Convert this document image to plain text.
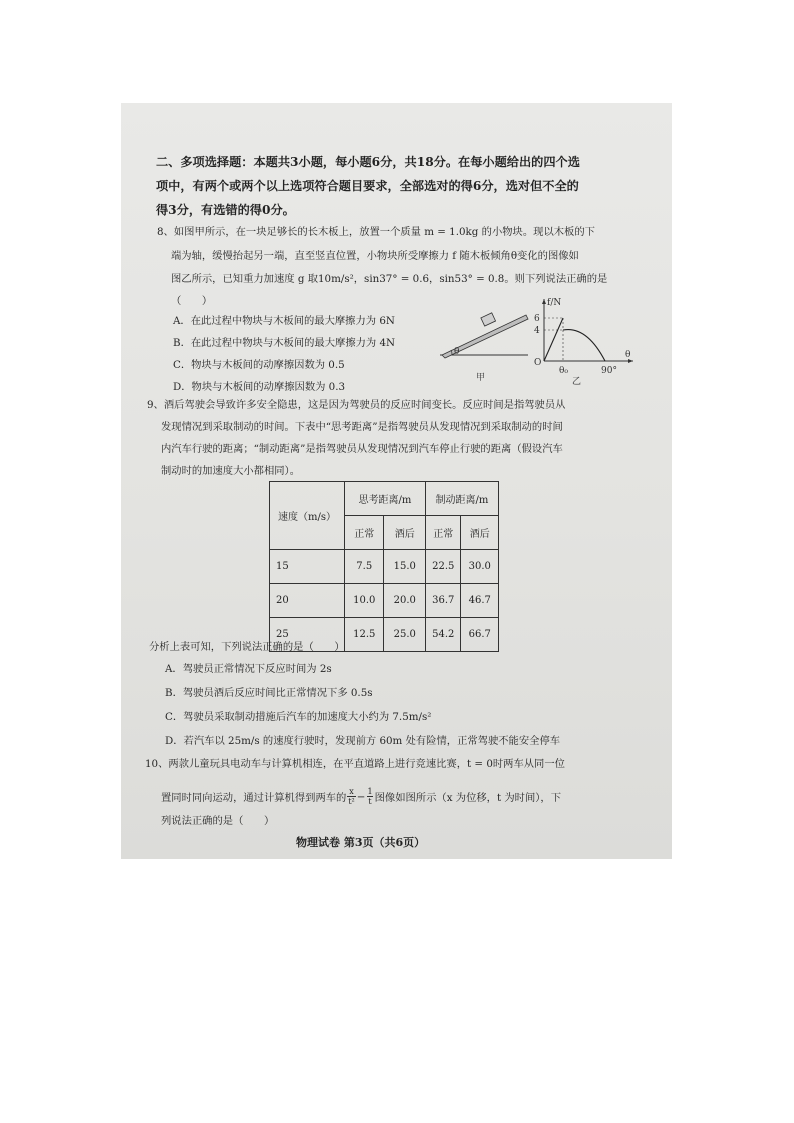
二、多项选择题：本题共3小题，每小题6分，共18分。在每小题给出的四个选
项中，有两个或两个以上选项符合题目要求，全部选对的得6分，选对但不全的
得3分，有选错的得0分。
8、如图甲所示，在一块足够长的长木板上，放置一个质量 m = 1.0kg 的小物块。现以木板的下
端为轴，缓慢抬起另一端，直至竖直位置，小物块所受摩擦力 f 随木板倾角θ变化的图像如
图乙所示，已知重力加速度 g 取10m/s²，sin37° = 0.6，sin53° = 0.8。则下列说法正确的是
（　　）
A．在此过程中物块与木板间的最大摩擦力为 6N
B．在此过程中物块与木板间的最大摩擦力为 4N
C．物块与木板间的动摩擦因数为 0.5
D．物块与木板间的动摩擦因数为 0.3
θ
甲
f/N
6
4
O
θ₀	90°
θ
乙
9、酒后驾驶会导致许多安全隐患，这是因为驾驶员的反应时间变长。反应时间是指驾驶员从
发现情况到采取制动的时间。下表中“思考距离”是指驾驶员从发现情况到采取制动的时间
内汽车行驶的距离；“制动距离”是指驾驶员从发现情况到汽车停止行驶的距离（假设汽车
制动时的加速度大小都相同）。
速度（m/s）	思考距离/m		制动距离/m	
	正常	酒后	正常	酒后
15	7.5	15.0	22.5	30.0
20	10.0	20.0	36.7	46.7
25	12.5	25.0	54.2	66.7
分析上表可知，下列说法正确的是（　　）
A．驾驶员正常情况下反应时间为 2s
B．驾驶员酒后反应时间比正常情况下多 0.5s
C．驾驶员采取制动措施后汽车的加速度大小约为 7.5m/s²
D．若汽车以 25m/s 的速度行驶时，发现前方 60m 处有险情，正常驾驶不能安全停车
10、两款儿童玩具电动车与计算机相连，在平直道路上进行竞速比赛，t = 0时两车从同一位
置同时同向运动，通过计算机得到两车的 $\frac{x}{\text{t²}} - \frac{1}{t}$ 图像如图所示（x 为位移，t 为时间），下
列说法正确的是（　　）
物理试卷 第3页（共6页）
